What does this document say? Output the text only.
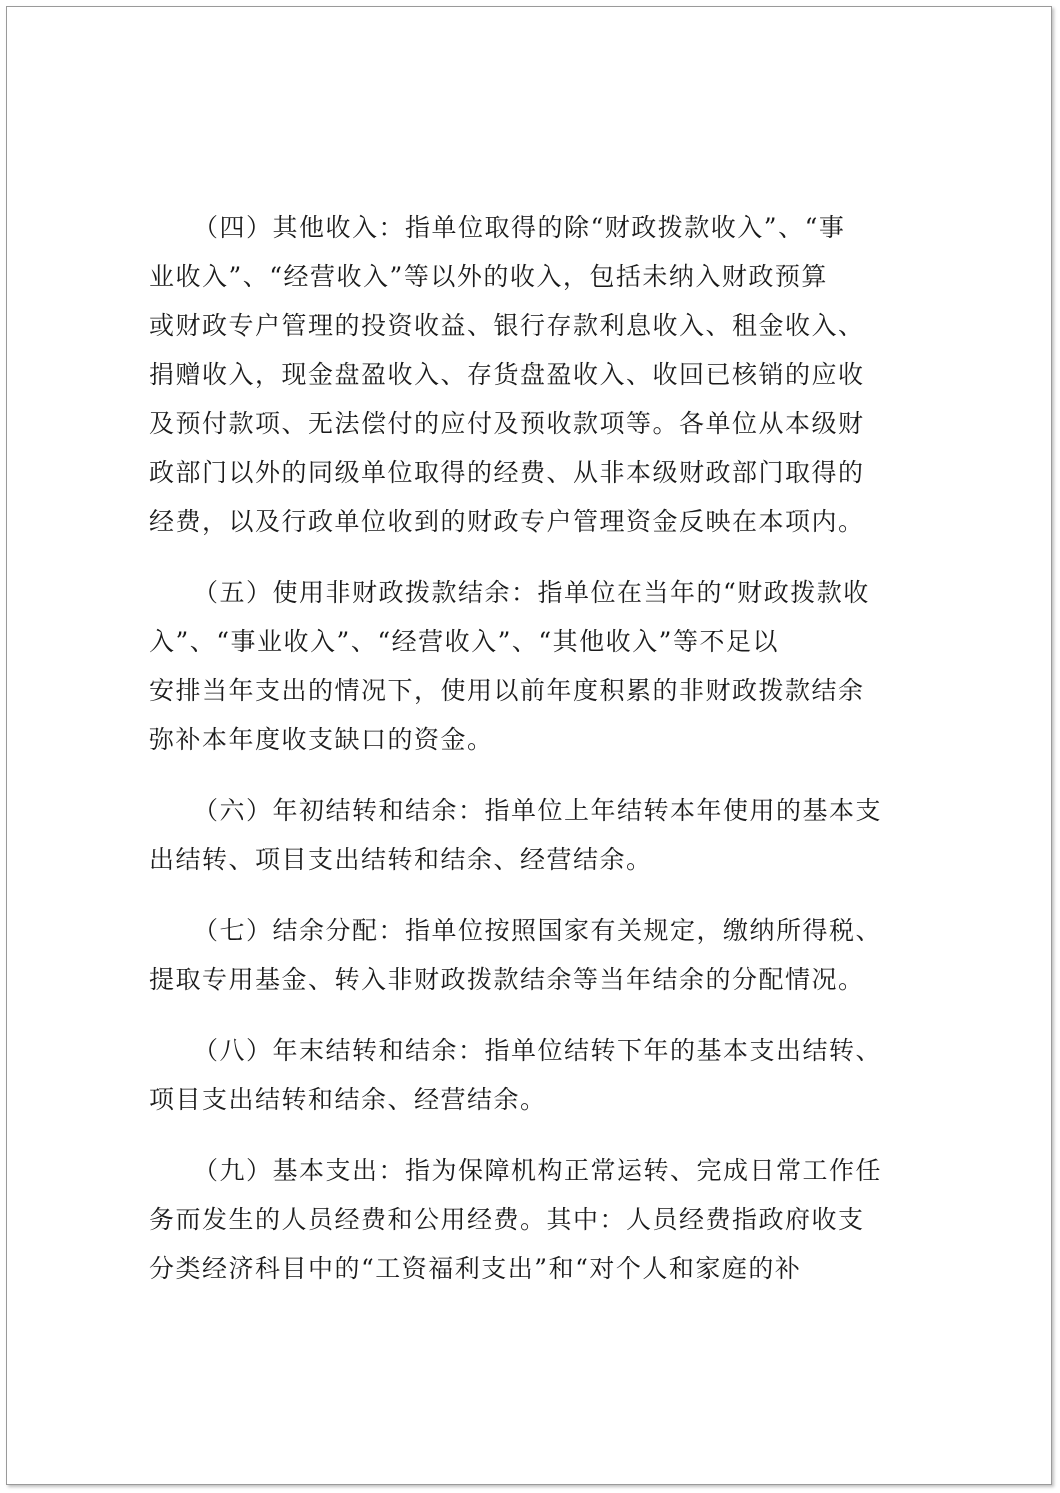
（四）其他收入：指单位取得的除“财政拨款收入”、“事
业收入”、“经营收入”等以外的收入，包括未纳入财政预算
或财政专户管理的投资收益、银行存款利息收入、租金收入、
捐赠收入，现金盘盈收入、存货盘盈收入、收回已核销的应收
及预付款项、无法偿付的应付及预收款项等。各单位从本级财
政部门以外的同级单位取得的经费、从非本级财政部门取得的
经费，以及行政单位收到的财政专户管理资金反映在本项内。

（五）使用非财政拨款结余：指单位在当年的“财政拨款收
入”、“事业收入”、“经营收入”、“其他收入”等不足以
安排当年支出的情况下，使用以前年度积累的非财政拨款结余
弥补本年度收支缺口的资金。

（六）年初结转和结余：指单位上年结转本年使用的基本支
出结转、项目支出结转和结余、经营结余。

（七）结余分配：指单位按照国家有关规定，缴纳所得税、
提取专用基金、转入非财政拨款结余等当年结余的分配情况。

（八）年末结转和结余：指单位结转下年的基本支出结转、
项目支出结转和结余、经营结余。

（九）基本支出：指为保障机构正常运转、完成日常工作任
务而发生的人员经费和公用经费。其中：人员经费指政府收支
分类经济科目中的“工资福利支出”和“对个人和家庭的补
